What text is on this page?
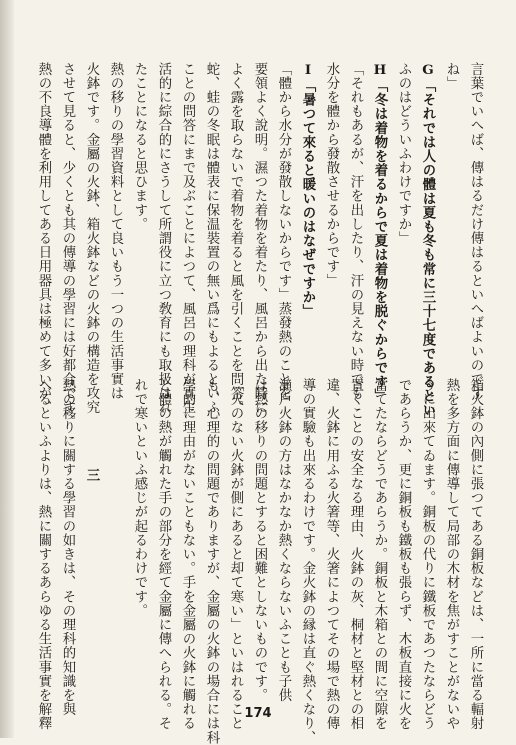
言葉でいへば、傳はるだけ傳はるといへばよいのです
ね」
G「それでは人の體は夏も冬も常に三十七度であるとい
ふのはどういふわけですか」
H「冬は着物を着るからで夏は着物を脱ぐからです」
「それもあるが、汗を出したり、汗の見えない時でも
水分を體から發散させるからです」
I「暑つて來ると暖いのはなぜですか」
「體から水分が發散しないからです」蒸發熱のことを
要領よく說明。濕つた着物を着たり、風呂から出た時に
よく露を取らないで着物を着ると風を引くことを問答。
蛇、蛙の冬眠は體表に保温裝置の無い爲にもよるといふ
ことの問答にまで及ぶことによつて、風呂の理科が實生
活的に綜合的にさうして所謂役に立つ敎育にも取扱はれ
たことになると思ひます。
熱の移りの學習資料として良いもう一つの生活事實は
火鉢です。金屬の火鉢、箱火鉢などの火鉢の構造を攻究
させて見ると、少くとも其の傳導の學習には好都合です。
熱の不良導體を利用してある日用器具は極めて多いが、
箱火鉢の內側に張つてある銅板などは、一所に當る輻射
熱を多方面に傳導して局部の木材を焦がすことがないや
うに出來てゐます。銅板の代りに鐵板であつたならどう
であらうか、更に銅板も鐵板も張らず、木板直接に火を
當てたならどうであらうか。銅板と木箱との間に空隙を
置くことの安全なる理由、火鉢の灰、桐材と堅材との相
違、火鉢に用ふる火箸等、火箸によつてその場で熱の傳
導の實驗も出來るわけです。金火鉢の縁は直ぐ熱くなり、
瀨戶火鉢の方はなかなか熱くならないふことも子供
は熱の移りの問題とすると困難としないものです。
「火のない火鉢が側にあると却て寒い」といはれること
も、心理的の問題でありますが、金屬の火鉢の場合には科
學的に理由がないこともない。手を金屬の火鉢に觸れる
と體の熱が觸れた手の部分を經て金屬に傳へられる。そ
れで寒いといふ感じが起るわけです。
三
熱の移りに關する學習の如きは、その理科的知識を與
へるといふよりは、熱に關するあらゆる生活事實を解釋	174
